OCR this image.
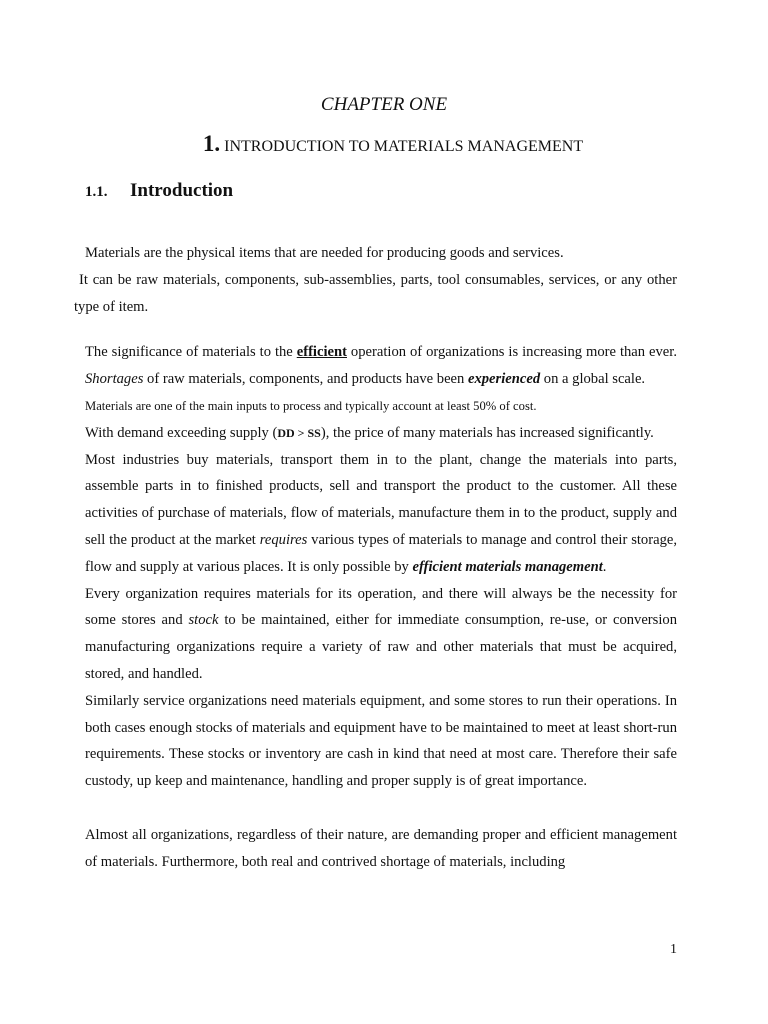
CHAPTER ONE
1. INTRODUCTION TO MATERIALS MANAGEMENT
1.1. Introduction

Materials are the physical items that are needed for producing goods and services.

It can be raw materials, components, sub-assemblies, parts, tool consumables, services, or any other type of item.

The significance of materials to the efficient operation of organizations is increasing more than ever. Shortages of raw materials, components, and products have been experienced on a global scale.

Materials are one of the main inputs to process and typically account at least 50% of cost.

With demand exceeding supply (DD > SS), the price of many materials has increased significantly.

Most industries buy materials, transport them in to the plant, change the materials into parts, assemble parts in to finished products, sell and transport the product to the customer. All these activities of purchase of materials, flow of materials, manufacture them in to the product, supply and sell the product at the market requires various types of materials to manage and control their storage, flow and supply at various places. It is only possible by efficient materials management.

Every organization requires materials for its operation, and there will always be the necessity for some stores and stock to be maintained, either for immediate consumption, re-use, or conversion manufacturing organizations require a variety of raw and other materials that must be acquired, stored, and handled.

Similarly service organizations need materials equipment, and some stores to run their operations. In both cases enough stocks of materials and equipment have to be maintained to meet at least short-run requirements. These stocks or inventory are cash in kind that need at most care. Therefore their safe custody, up keep and maintenance, handling and proper supply is of great importance.

Almost all organizations, regardless of their nature, are demanding proper and efficient management of materials. Furthermore, both real and contrived shortage of materials, including

1
